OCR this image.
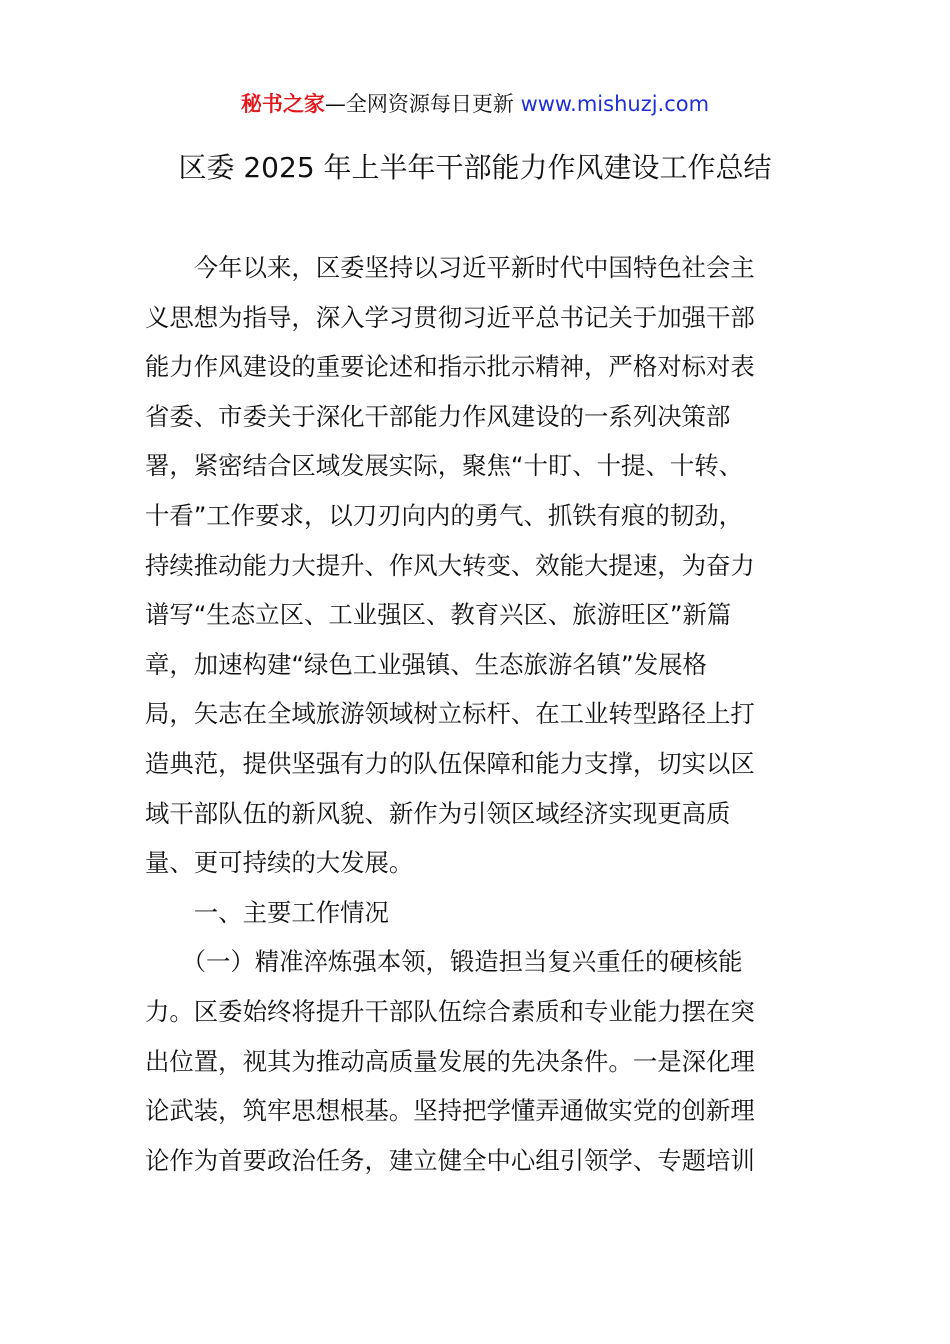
秘书之家—全网资源每日更新 www.mishuzj.com
区委 2025 年上半年干部能力作风建设工作总结
　　今年以来，区委坚持以习近平新时代中国特色社会主
义思想为指导，深入学习贯彻习近平总书记关于加强干部
能力作风建设的重要论述和指示批示精神，严格对标对表
省委、市委关于深化干部能力作风建设的一系列决策部
署，紧密结合区域发展实际，聚焦“十盯、十提、十转、
十看”工作要求，以刀刃向内的勇气、抓铁有痕的韧劲，
持续推动能力大提升、作风大转变、效能大提速，为奋力
谱写“生态立区、工业强区、教育兴区、旅游旺区”新篇
章，加速构建“绿色工业强镇、生态旅游名镇”发展格
局，矢志在全域旅游领域树立标杆、在工业转型路径上打
造典范，提供坚强有力的队伍保障和能力支撑，切实以区
域干部队伍的新风貌、新作为引领区域经济实现更高质
量、更可持续的大发展。
　　一、主要工作情况
　　（一）精准淬炼强本领，锻造担当复兴重任的硬核能
力。区委始终将提升干部队伍综合素质和专业能力摆在突
出位置，视其为推动高质量发展的先决条件。一是深化理
论武装，筑牢思想根基。坚持把学懂弄通做实党的创新理
论作为首要政治任务，建立健全中心组引领学、专题培训
